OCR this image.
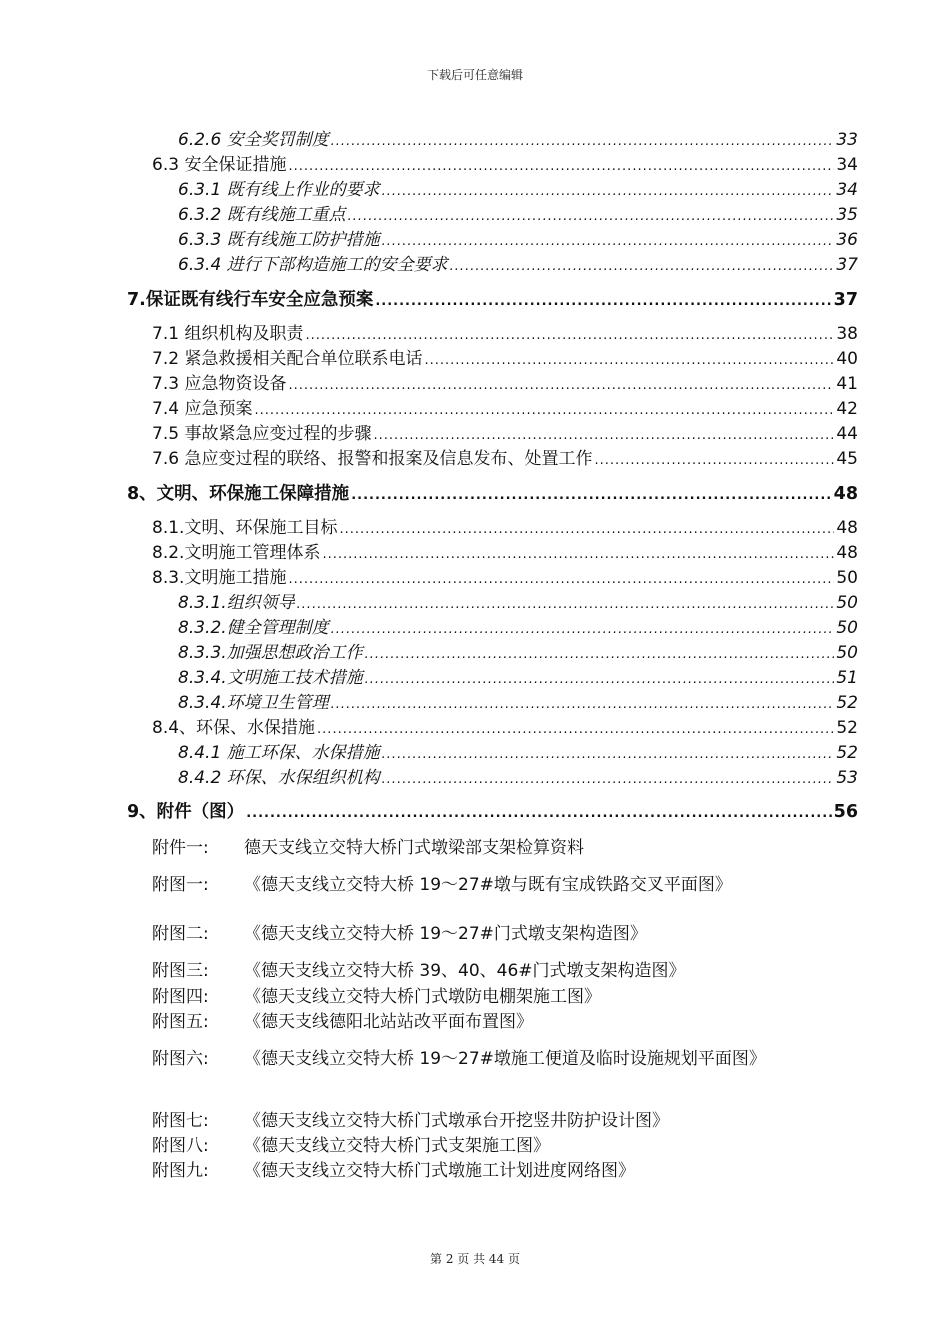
下载后可任意编辑
6.2.6 安全奖罚制度 .....	33
6.3 安全保证措施 .....	34
6.3.1 既有线上作业的要求 .....	34
6.3.2 既有线施工重点 .....	35
6.3.3 既有线施工防护措施 .....	36
6.3.4 进行下部构造施工的安全要求 .....	37
7.保证既有线行车安全应急预案 .....	37
7.1 组织机构及职责 .....	38
7.2 紧急救援相关配合单位联系电话 .....	40
7.3 应急物资设备 .....	41
7.4 应急预案 .....	42
7.5 事故紧急应变过程的步骤 .....	44
7.6 急应变过程的联络、报警和报案及信息发布、处置工作 .....	45
8、文明、环保施工保障措施 .....	48
8.1.文明、环保施工目标 .....	48
8.2.文明施工管理体系 .....	48
8.3.文明施工措施 .....	50
8.3.1.组织领导 .....	50
8.3.2.健全管理制度 .....	50
8.3.3.加强思想政治工作 .....	50
8.3.4.文明施工技术措施 .....	51
8.3.4.环境卫生管理 .....	52
8.4、环保、水保措施 .....	52
8.4.1 施工环保、水保措施 .....	52
8.4.2 环保、水保组织机构 .....	53
9、附件（图） .....	56
附件一: 德天支线立交特大桥门式墩梁部支架检算资料
附图一: 《德天支线立交特大桥 19～27#墩与既有宝成铁路交叉平面图》
附图二: 《德天支线立交特大桥 19～27#门式墩支架构造图》
附图三: 《德天支线立交特大桥 39、40、46#门式墩支架构造图》
附图四: 《德天支线立交特大桥门式墩防电棚架施工图》
附图五: 《德天支线德阳北站站改平面布置图》
附图六: 《德天支线立交特大桥 19～27#墩施工便道及临时设施规划平面图》
附图七: 《德天支线立交特大桥门式墩承台开挖竖井防护设计图》
附图八: 《德天支线立交特大桥门式支架施工图》
附图九: 《德天支线立交特大桥门式墩施工计划进度网络图》
第 2 页 共 44 页
